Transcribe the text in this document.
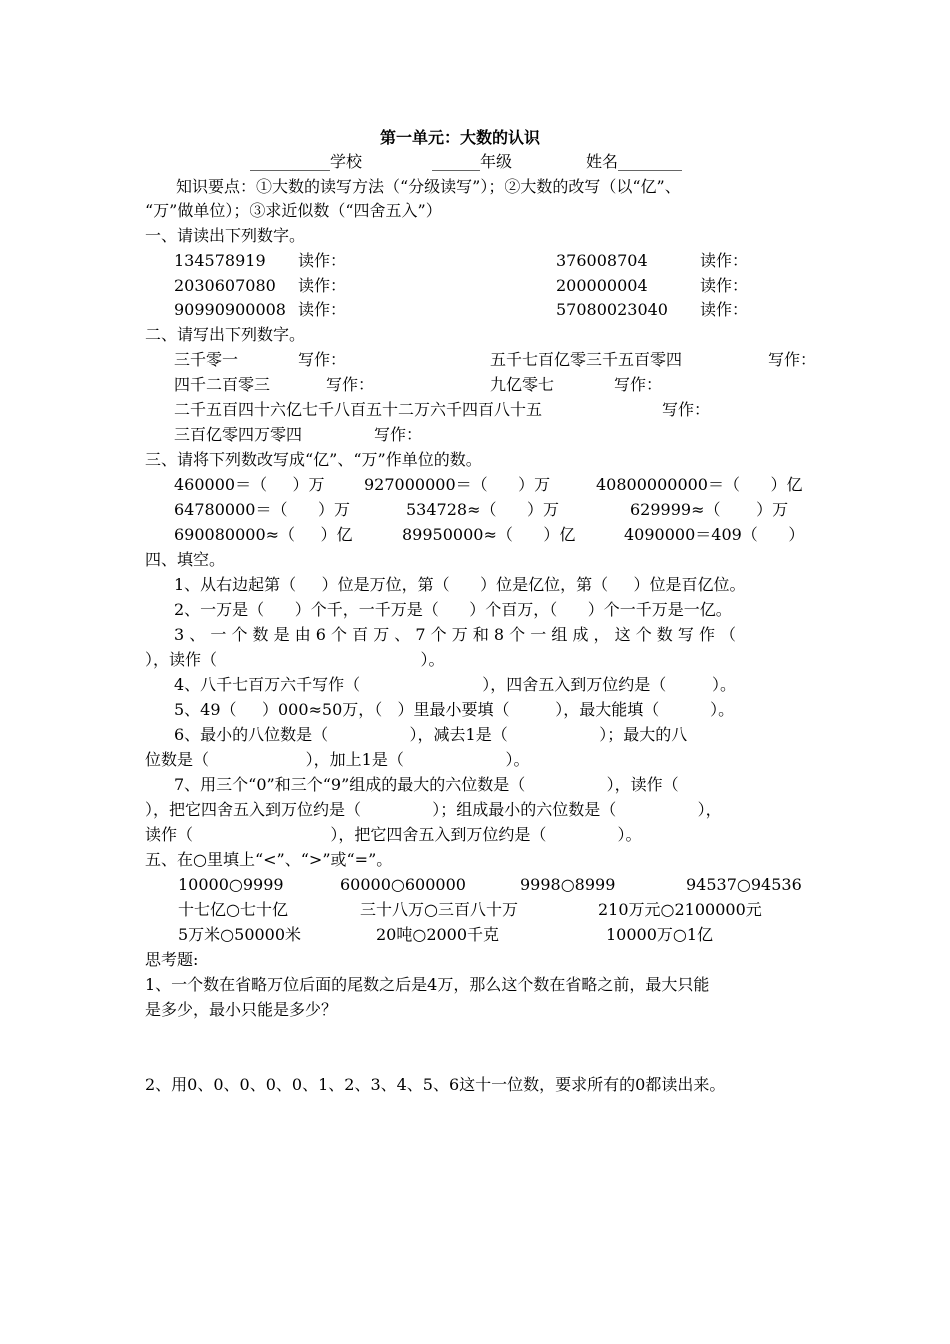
第一单元：大数的认识
__________学校	______年级	姓名________
知识要点：①大数的读写方法（“分级读写”）；②大数的改写（以“亿”、
“万”做单位）；③求近似数（“四舍五入”）
一、请读出下列数字。
134578919 读作：	376008704	读作：
2030607080 读作：	200000004	读作：
90990900008 读作：	57080023040 读作：
二、请写出下列数字。
三千零一	写作：	五千七百亿零三千五百零四	写作：
四千二百零三	写作：	九亿零七	写作：
二千五百四十六亿七千八百五十二万六千四百八十五	写作：
三百亿零四万零四	写作：
三、请将下列数改写成“亿”、“万”作单位的数。
460000＝（     ）万 927000000＝（      ）万	40800000000＝（      ）亿
64780000＝（      ）万	534728≈（      ）万	629999≈（       ）万
690080000≈（     ）亿	89950000≈（      ）亿	4090000＝409（      ）
四、填空。
1、从右边起第（     ）位是万位，第（      ）位是亿位，第（     ）位是百亿位。
2、一万是（      ）个千，一千万是（      ）个百万，（      ）个一千万是一亿。
3 、 一 个 数 是 由 6 个 百 万 、 7 个 万 和 8 个 一 组 成 ， 这 个 数 写 作 （
），读作（                                        ）。
4、八千七百万六千写作（                        ），四舍五入到万位约是（         ）。
5、49（     ）000≈50万，（   ）里最小要填（         ），最大能填（          ）。
6、最小的八位数是（                ），减去1是（                  ）；最大的八
位数是（                   ），加上1是（                    ）。
7、用三个“0”和三个“9”组成的最大的六位数是（                ），读作（
），把它四舍五入到万位约是（              ）；组成最小的六位数是（                ），
读作（                           ），把它四舍五入到万位约是（              ）。
五、在○里填上“<”、“>”或“=”。
10000○9999	60000○600000	9998○8999	94537○94536
十七亿○七十亿	三十八万○三百八十万	210万元○2100000元
5万米○50000米	20吨○2000千克	10000万○1亿
思考题:
1、一个数在省略万位后面的尾数之后是4万，那么这个数在省略之前，最大只能
是多少，最小只能是多少？
2、用0、0、0、0、0、1、2、3、4、5、6这十一位数，要求所有的0都读出来。
